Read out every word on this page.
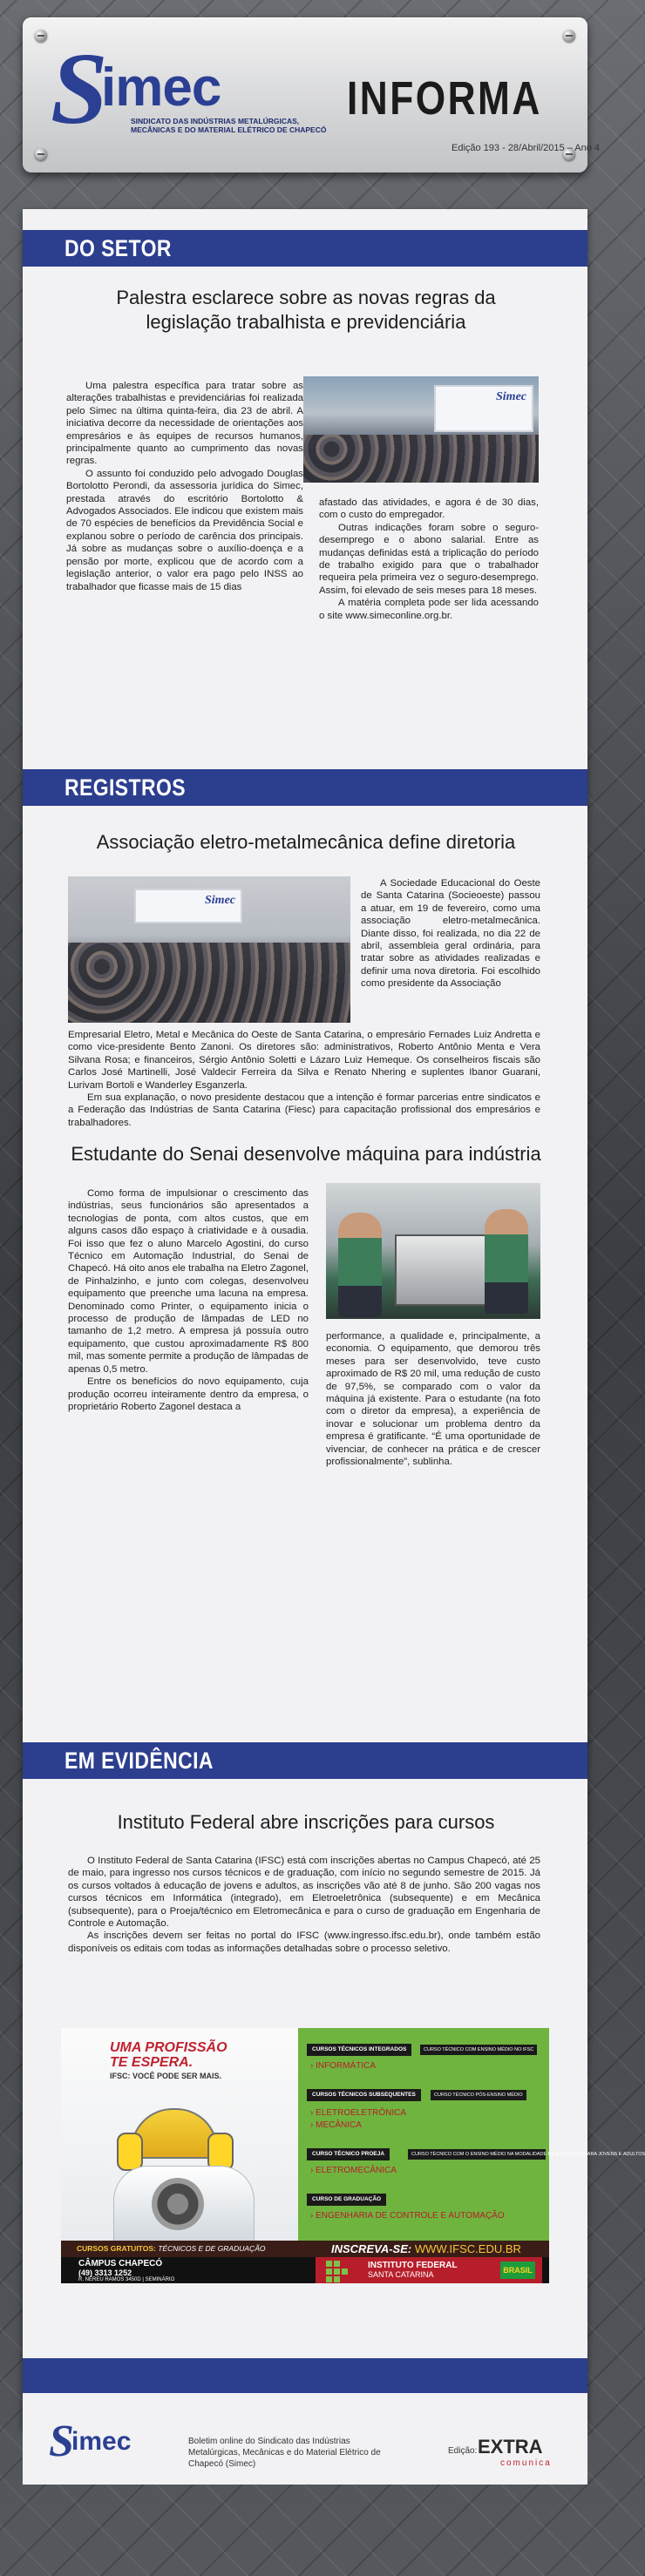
S
imec
SINDICATO DAS INDÚSTRIAS METALÚRGICAS, MECÂNICAS E DO MATERIAL ELÉTRICO DE CHAPECÓ
INFORMA
Edição 193 - 28/Abril/2015 – Ano 4
DO SETOR
Palestra esclarece sobre as novas regras da legislação trabalhista e previdenciária

Uma palestra específica para tratar sobre as alterações trabalhistas e previdenciárias foi realizada pelo Simec na última quinta-feira, dia 23 de abril. A iniciativa decorre da necessidade de orientações aos empresários e às equipes de recursos humanos, principalmente quanto ao cumprimento das novas regras.

O assunto foi conduzido pelo advogado Douglas Bortolotto Perondi, da assessoria jurídica do Simec, prestada através do escritório Bortolotto & Advogados Associados. Ele indicou que existem mais de 70 espécies de benefícios da Previdência Social e explanou sobre o período de carência dos principais. Já sobre as mudanças sobre o auxílio-doença e a pensão por morte, explicou que de acordo com a legislação anterior, o valor era pago pelo INSS ao trabalhador que ficasse mais de 15 dias

Simec

afastado das atividades, e agora é de 30 dias, com o custo do empregador.

Outras indicações foram sobre o seguro-desemprego e o abono salarial. Entre as mudanças definidas está a triplicação do período de trabalho exigido para que o trabalhador requeira pela primeira vez o seguro-desemprego. Assim, foi elevado de seis meses para 18 meses.

A matéria completa pode ser lida acessando o site www.simeconline.org.br.

REGISTROS
Associação eletro-metalmecânica define diretoria
Simec

A Sociedade Educacional do Oeste de Santa Catarina (Socieoeste) passou a atuar, em 19 de fevereiro, como uma associação eletro-metalmecânica. Diante disso, foi realizada, no dia 22 de abril, assembleia geral ordinária, para tratar sobre as atividades realizadas e definir uma nova diretoria. Foi escolhido como presidente da Associação

Empresarial Eletro, Metal e Mecânica do Oeste de Santa Catarina, o empresário Fernades Luiz Andretta e como vice-presidente Bento Zanoni. Os diretores são: administrativos, Roberto Antônio Menta e Vera Silvana Rosa; e financeiros, Sérgio Antônio Soletti e Lázaro Luiz Hemeque. Os conselheiros fiscais são Carlos José Martinelli, José Valdecir Ferreira da Silva e Renato Nhering e suplentes Ibanor Guarani, Lurivam Bortoli e Wanderley Esganzerla.

Em sua explanação, o novo presidente destacou que a intenção é formar parcerias entre sindicatos e a Federação das Indústrias de Santa Catarina (Fiesc) para capacitação profissional dos empresários e trabalhadores.

Estudante do Senai desenvolve máquina para indústria

Como forma de impulsionar o crescimento das indústrias, seus funcionários são apresentados a tecnologias de ponta, com altos custos, que em alguns casos dão espaço à criatividade e à ousadia. Foi isso que fez o aluno Marcelo Agostini, do curso Técnico em Automação Industrial, do Senai de Chapecó. Há oito anos ele trabalha na Eletro Zagonel, de Pinhalzinho, e junto com colegas, desenvolveu equipamento que preenche uma lacuna na empresa. Denominado como Printer, o equipamento inicia o processo de produção de lâmpadas de LED no tamanho de 1,2 metro. A empresa já possuía outro equipamento, que custou aproximadamente R$ 800 mil, mas somente permite a produção de lâmpadas de apenas 0,5 metro.

Entre os benefícios do novo equipamento, cuja produção ocorreu inteiramente dentro da empresa, o proprietário Roberto Zagonel destaca a

performance, a qualidade e, principalmente, a economia. O equipamento, que demorou três meses para ser desenvolvido, teve custo aproximado de R$ 20 mil, uma redução de custo de 97,5%, se comparado com o valor da máquina já existente. Para o estudante (na foto com o diretor da empresa), a experiência de inovar e solucionar um problema dentro da empresa é gratificante. “É uma oportunidade de vivenciar, de conhecer na prática e de crescer profissionalmente”, sublinha.

EM EVIDÊNCIA
Instituto Federal abre inscrições para cursos

O Instituto Federal de Santa Catarina (IFSC) está com inscrições abertas no Campus Chapecó, até 25 de maio, para ingresso nos cursos técnicos e de graduação, com início no segundo semestre de 2015. Já os cursos voltados à educação de jovens e adultos, as inscrições vão até 8 de junho. São 200 vagas nos cursos técnicos em Informática (integrado), em Eletroeletrônica (subsequente) e em Mecânica (subsequente), para o Proeja/técnico em Eletromecânica e para o curso de graduação em Engenharia de Controle e Automação.

As inscrições devem ser feitas no portal do IFSC (www.ingresso.ifsc.edu.br), onde também estão disponíveis os editais com todas as informações detalhadas sobre o processo seletivo.

UMA PROFISSÃO
TE ESPERA.
IFSC: VOCÊ PODE SER MAIS.
CURSOS TÉCNICOS INTEGRADOS	CURSO TÉCNICO COM ENSINO MÉDIO NO IFSC
› INFORMÁTICA
CURSOS TÉCNICOS SUBSEQUENTES	CURSO TÉCNICO PÓS-ENSINO MÉDIO
› ELETROELETRÔNICA
› MECÂNICA
CURSO TÉCNICO PROEJA	CURSO TÉCNICO COM O ENSINO MÉDIO NA MODALIDADE DE EDUCAÇÃO PARA JOVENS E ADULTOS
› ELETROMECÂNICA
CURSO DE GRADUAÇÃO
› ENGENHARIA DE CONTROLE E AUTOMAÇÃO
CURSOS GRATUITOS: TÉCNICOS E DE GRADUAÇÃO	INSCREVA-SE: WWW.IFSC.EDU.BR
CÂMPUS CHAPECÓ
(49) 3313 1252
R. NEREU RAMOS 3450D | SEMINÁRIO
INSTITUTO FEDERAL
SANTA CATARINA	BRASIL
S
imec	Boletim online do Sindicato das Indústrias Metalúrgicas, Mecânicas e do Material Elétrico de Chapecó (Simec)
Edição: EXTRA
comunica
